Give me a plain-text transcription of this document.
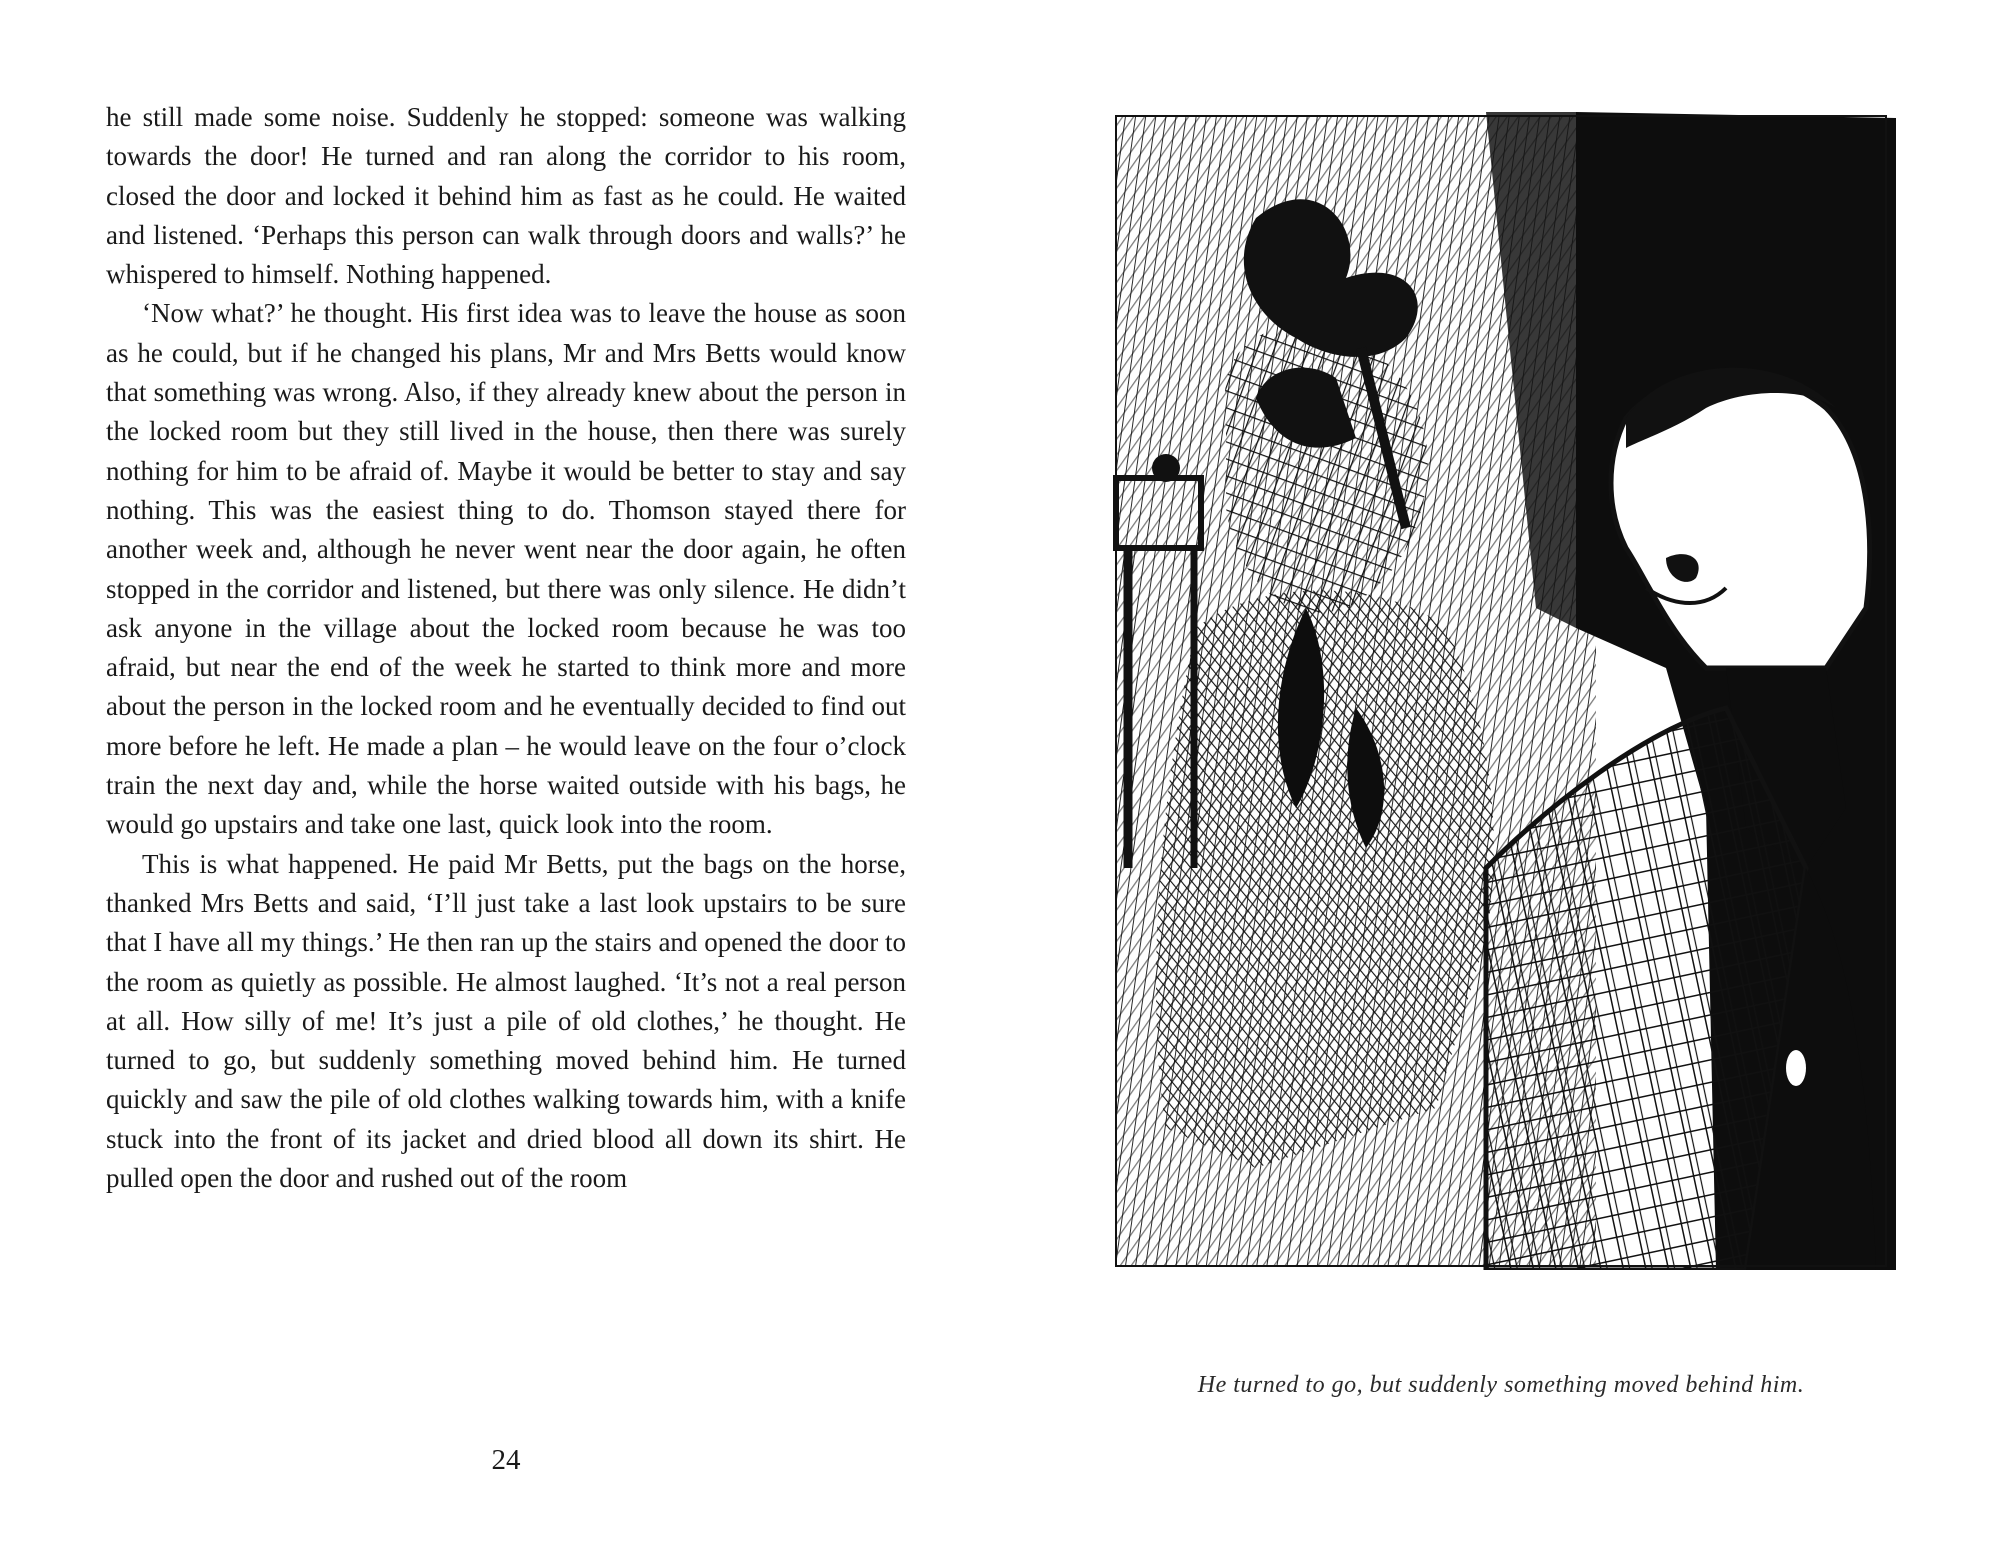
he still made some noise. Suddenly he stopped: someone was walking towards the door! He turned and ran along the corridor to his room, closed the door and locked it behind him as fast as he could. He waited and listened. ‘Perhaps this person can walk through doors and walls?’ he whispered to himself. Nothing happened.

‘Now what?’ he thought. His first idea was to leave the house as soon as he could, but if he changed his plans, Mr and Mrs Betts would know that something was wrong. Also, if they already knew about the person in the locked room but they still lived in the house, then there was surely nothing for him to be afraid of. Maybe it would be better to stay and say nothing. This was the easiest thing to do. Thomson stayed there for another week and, although he never went near the door again, he often stopped in the corridor and listened, but there was only silence. He didn’t ask anyone in the village about the locked room because he was too afraid, but near the end of the week he started to think more and more about the person in the locked room and he eventually decided to find out more before he left. He made a plan – he would leave on the four o’clock train the next day and, while the horse waited outside with his bags, he would go upstairs and take one last, quick look into the room.

This is what happened. He paid Mr Betts, put the bags on the horse, thanked Mrs Betts and said, ‘I’ll just take a last look upstairs to be sure that I have all my things.’ He then ran up the stairs and opened the door to the room as quietly as possible. He almost laughed. ‘It’s not a real person at all. How silly of me! It’s just a pile of old clothes,’ he thought. He turned to go, but suddenly something moved behind him. He turned quickly and saw the pile of old clothes walking towards him, with a knife stuck into the front of its jacket and dried blood all down its shirt. He pulled open the door and rushed out of the room

24
He turned to go, but suddenly something moved behind him.
